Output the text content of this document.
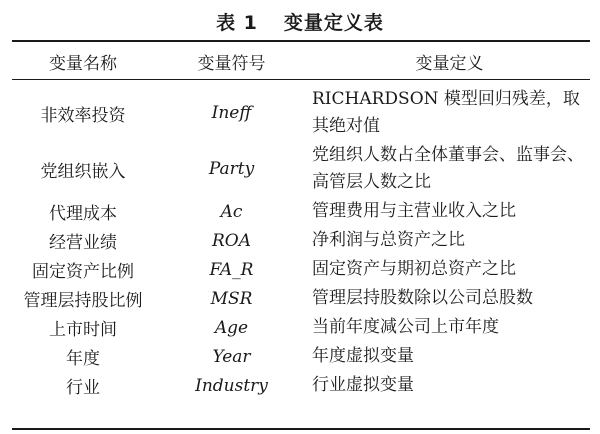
表 1 变量定义表
变量名称	变量符号	变量定义
非效率投资	Ineff	RICHARDSON 模型回归残差，取其绝对值
党组织嵌入	Party	党组织人数占全体董事会、监事会、高管层人数之比
代理成本	Ac	管理费用与主营业收入之比
经营业绩	ROA	净利润与总资产之比
固定资产比例	FA_R	固定资产与期初总资产之比
管理层持股比例	MSR	管理层持股数除以公司总股数
上市时间	Age	当前年度减公司上市年度
年度	Year	年度虚拟变量
行业	Industry	行业虚拟变量
